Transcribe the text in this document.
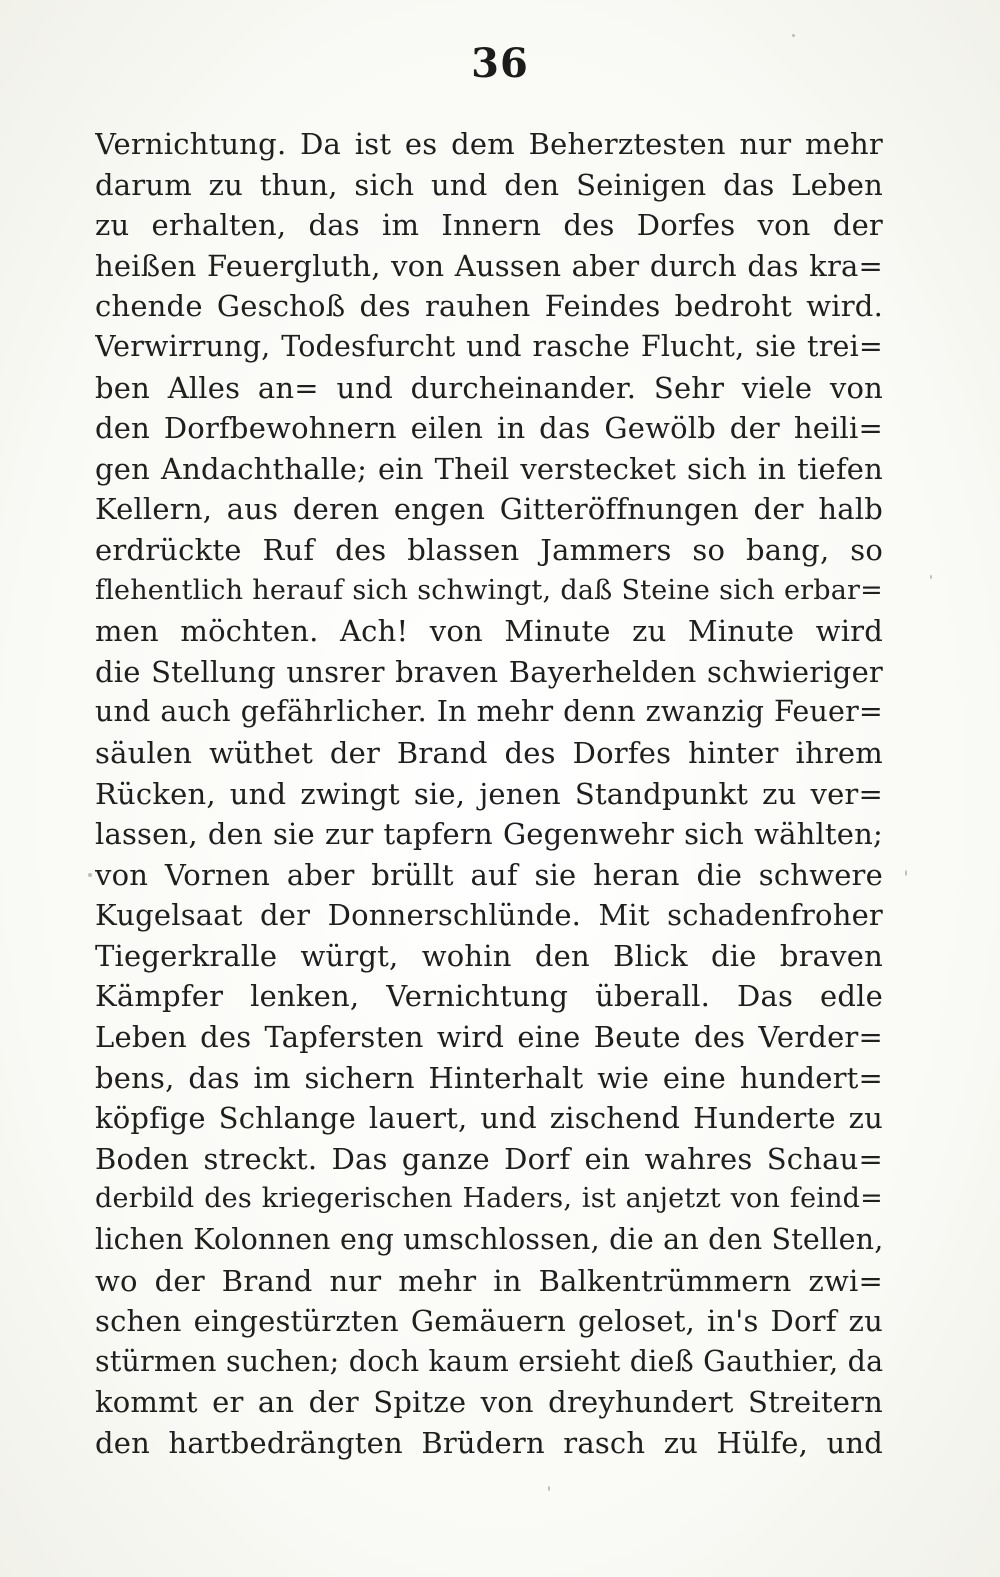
36
Vernichtung. Da ist es dem Beherztesten nur mehr
darum zu thun, sich und den Seinigen das Leben
zu erhalten, das im Innern des Dorfes von der
heißen Feuergluth, von Aussen aber durch das kra=
chende Geschoß des rauhen Feindes bedroht wird.
Verwirrung, Todesfurcht und rasche Flucht, sie trei=
ben Alles an= und durcheinander. Sehr viele von
den Dorfbewohnern eilen in das Gewölb der heili=
gen Andachthalle; ein Theil verstecket sich in tiefen
Kellern, aus deren engen Gitteröffnungen der halb
erdrückte Ruf des blassen Jammers so bang, so
flehentlich herauf sich schwingt, daß Steine sich erbar=
men möchten. Ach! von Minute zu Minute wird
die Stellung unsrer braven Bayerhelden schwieriger
und auch gefährlicher. In mehr denn zwanzig Feuer=
säulen wüthet der Brand des Dorfes hinter ihrem
Rücken, und zwingt sie, jenen Standpunkt zu ver=
lassen, den sie zur tapfern Gegenwehr sich wählten;
von Vornen aber brüllt auf sie heran die schwere
Kugelsaat der Donnerschlünde. Mit schadenfroher
Tiegerkralle würgt, wohin den Blick die braven
Kämpfer lenken, Vernichtung überall. Das edle
Leben des Tapfersten wird eine Beute des Verder=
bens, das im sichern Hinterhalt wie eine hundert=
köpfige Schlange lauert, und zischend Hunderte zu
Boden streckt. Das ganze Dorf ein wahres Schau=
derbild des kriegerischen Haders, ist anjetzt von feind=
lichen Kolonnen eng umschlossen, die an den Stellen,
wo der Brand nur mehr in Balkentrümmern zwi=
schen eingestürzten Gemäuern geloset, in's Dorf zu
stürmen suchen; doch kaum ersieht dieß Gauthier, da
kommt er an der Spitze von dreyhundert Streitern
den hartbedrängten Brüdern rasch zu Hülfe, und
